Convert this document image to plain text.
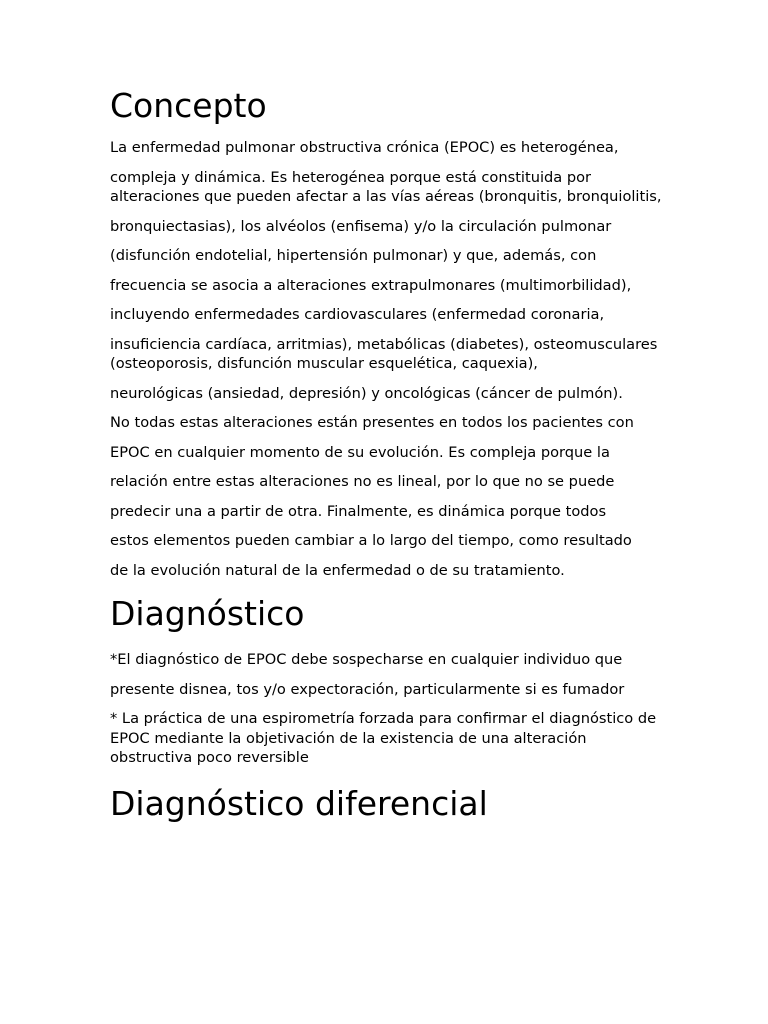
Concepto

La enfermedad pulmonar obstructiva crónica (EPOC) es heterogénea,

compleja y dinámica. Es heterogénea porque está constituida por alteraciones que pueden afectar a las vías aéreas (bronquitis, bronquiolitis,

bronquiectasias), los alvéolos (enfisema) y/o la circulación pulmonar

(disfunción endotelial, hipertensión pulmonar) y que, además, con

frecuencia se asocia a alteraciones extrapulmonares (multimorbilidad),

incluyendo enfermedades cardiovasculares (enfermedad coronaria,

insuficiencia cardíaca, arritmias), metabólicas (diabetes), osteomusculares (osteoporosis, disfunción muscular esquelética, caquexia),

neurológicas (ansiedad, depresión) y oncológicas (cáncer de pulmón).

No todas estas alteraciones están presentes en todos los pacientes con

EPOC en cualquier momento de su evolución. Es compleja porque la

relación entre estas alteraciones no es lineal, por lo que no se puede

predecir una a partir de otra. Finalmente, es dinámica porque todos

estos elementos pueden cambiar a lo largo del tiempo, como resultado

de la evolución natural de la enfermedad o de su tratamiento.

Diagnóstico

*El diagnóstico de EPOC debe sospecharse en cualquier individuo que

presente disnea, tos y/o expectoración, particularmente si es fumador

* La práctica de una espirometría forzada para confirmar el diagnóstico de EPOC mediante la objetivación de la existencia de una alteración obstructiva poco reversible

Diagnóstico diferencial
